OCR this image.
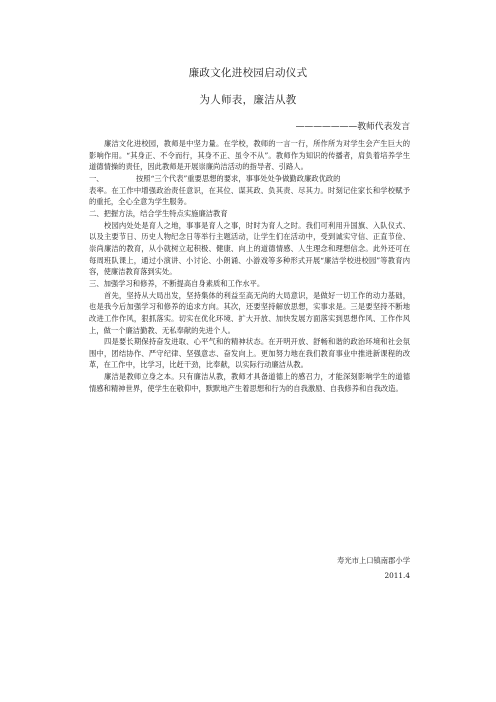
廉政文化进校园启动仪式
为人师表，廉洁从教
———————教师代表发言

廉洁文化进校园，教师是中坚力量。在学校，教师的一言一行，所作所为对学生会产生巨大的影响作用。“其身正、不令而行，其身不正、虽令不从”。教师作为知识的传播者，肩负着培养学生道德情操的责任，因此教师是开展崇廉尚洁活动的指导者、引路人。

一、	按照“三个代表”重要思想的要求，事事处处争做勤政廉政优政的

表率。在工作中增强政治责任意识，在其位、谋其政、负其责、尽其力。时刻记住家长和学校赋予的重托，全心全意为学生服务。

二、把握方法，结合学生特点实施廉洁教育

校园内处处是育人之地，事事是育人之事，时时为育人之时。我们可利用升国旗、入队仪式、以及主要节日、历史人物纪念日等举行主题活动，让学生们在活动中，受到诚实守信、正直节俭、崇尚廉洁的教育，从小就树立起积极、健康、向上的道德情感、人生理念和理想信念。此外还可在每周班队课上，通过小演讲、小讨论、小朗诵、小游戏等多种形式开展“廉洁学校进校园”等教育内容，使廉洁教育落到实处。

三、加强学习和修养，不断提高自身素质和工作水平。

首先，坚持从大局出发，坚持集体的利益至高无尚的大局意识，是做好一切工作的动力基础，也是我今后加强学习和修养的追求方向。其次，还要坚持解放思想，实事求是。三是要坚持不断地改进工作作风，狠抓落实。切实在优化环境、扩大开放、加快发展方面落实到思想作风、工作作风上，做一个廉洁勤教、无私奉献的先进个人。

四是要长期保持奋发进取、心平气和的精神状态。在开明开放、舒畅和谐的政治环境和社会氛围中，团结协作、严守纪律、坚强意志、奋发向上。更加努力地在我们教育事业中推进新课程的改革，在工作中，比学习，比赶干劲，比奉献，以实际行动廉洁从教。

廉洁是教师立身之本。只有廉洁从教，教师才具备道德上的感召力，才能深刻影响学生的道德情感和精神世界，使学生在敬仰中，默默地产生着思想和行为的自我激励、自我修养和自我改造。

寿光市上口镇南郡小学
2011.4
